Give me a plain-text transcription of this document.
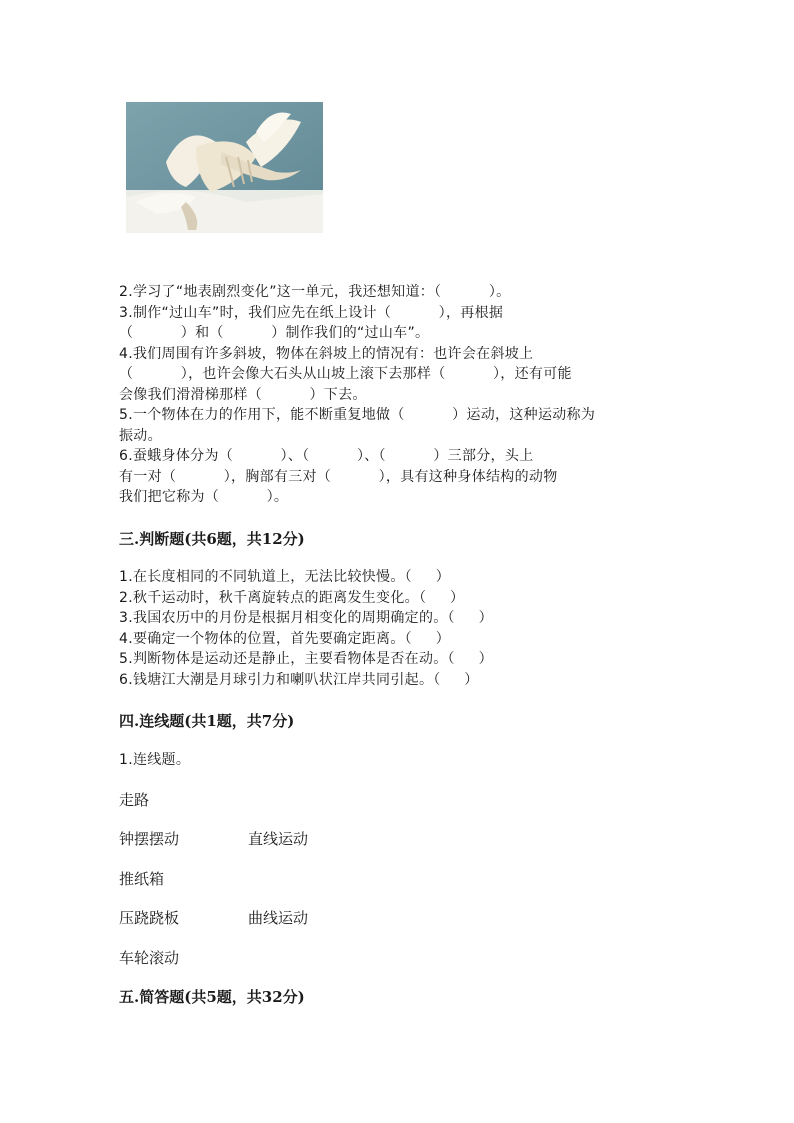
2.学习了“地表剧烈变化”这一单元，我还想知道：（          ）。
3.制作“过山车”时，我们应先在纸上设计（          ），再根据
（          ）和（          ）制作我们的“过山车”。
4.我们周围有许多斜坡，物体在斜坡上的情况有：也许会在斜坡上
（          ），也许会像大石头从山坡上滚下去那样（          ），还有可能
会像我们滑滑梯那样（          ）下去。
5.一个物体在力的作用下，能不断重复地做（          ）运动，这种运动称为
振动。
6.蚕蛾身体分为（          ）、（          ）、（          ）三部分，头上
有一对（          ），胸部有三对（          ），具有这种身体结构的动物
我们把它称为（          ）。
三.判断题(共6题，共12分)
1.在长度相同的不同轨道上，无法比较快慢。（     ）
2.秋千运动时，秋千离旋转点的距离发生变化。（     ）
3.我国农历中的月份是根据月相变化的周期确定的。（     ）
4.要确定一个物体的位置，首先要确定距离。（     ）
5.判断物体是运动还是静止，主要看物体是否在动。（     ）
6.钱塘江大潮是月球引力和喇叭状江岸共同引起。（     ）
四.连线题(共1题，共7分)
1.连线题。
走路
钟摆摆动	直线运动
推纸箱
压跷跷板	曲线运动
车轮滚动
五.简答题(共5题，共32分)
